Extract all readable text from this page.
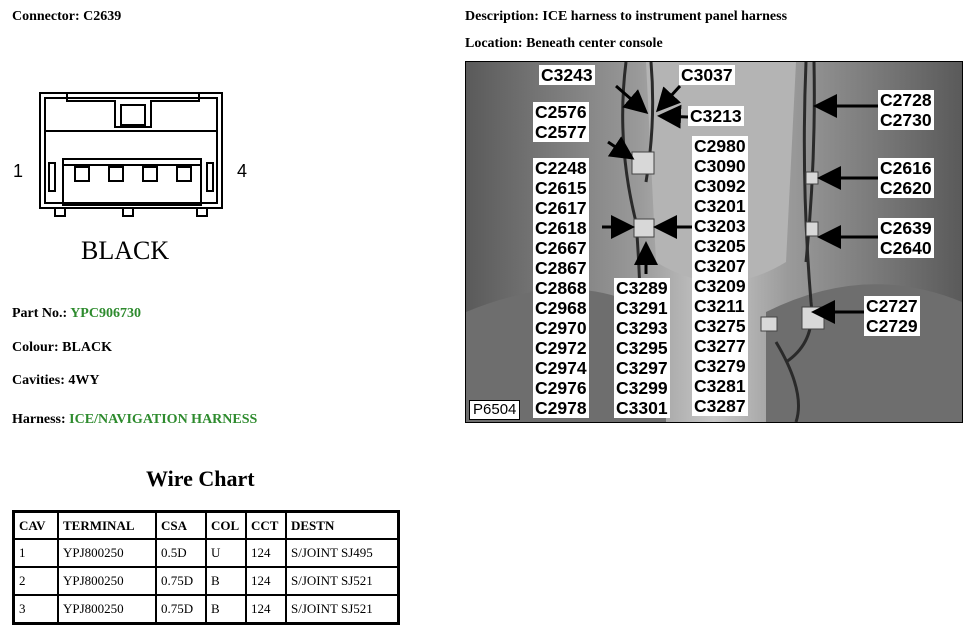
Connector: C2639	Description: ICE harness to instrument panel harness
Location: Beneath center console
1	4
BLACK
Part No.: YPC906730
Colour: BLACK
Cavities: 4WY
Harness: ICE/NAVIGATION HARNESS
Wire Chart
CAV	TERMINAL	CSA	COL	CCT	DESTN
1	YPJ800250	0.5D	U	124	S/JOINT SJ495
2	YPJ800250	0.75D	B	124	S/JOINT SJ521
3	YPJ800250	0.75D	B	124	S/JOINT SJ521
C3243	C3037
C3213
C2576
C2577
C2248
C2615
C2617
C2618
C2667
C2867
C2868
C2968
C2970
C2972
C2974
C2976
C2978
C2980
C3090
C3092
C3201
C3203
C3205
C3207
C3209
C3211
C3275
C3277
C3279
C3281
C3287
C3289
C3291
C3293
C3295
C3297
C3299
C3301
C2728
C2730
C2616
C2620
C2639
C2640
C2727
C2729
P6504
